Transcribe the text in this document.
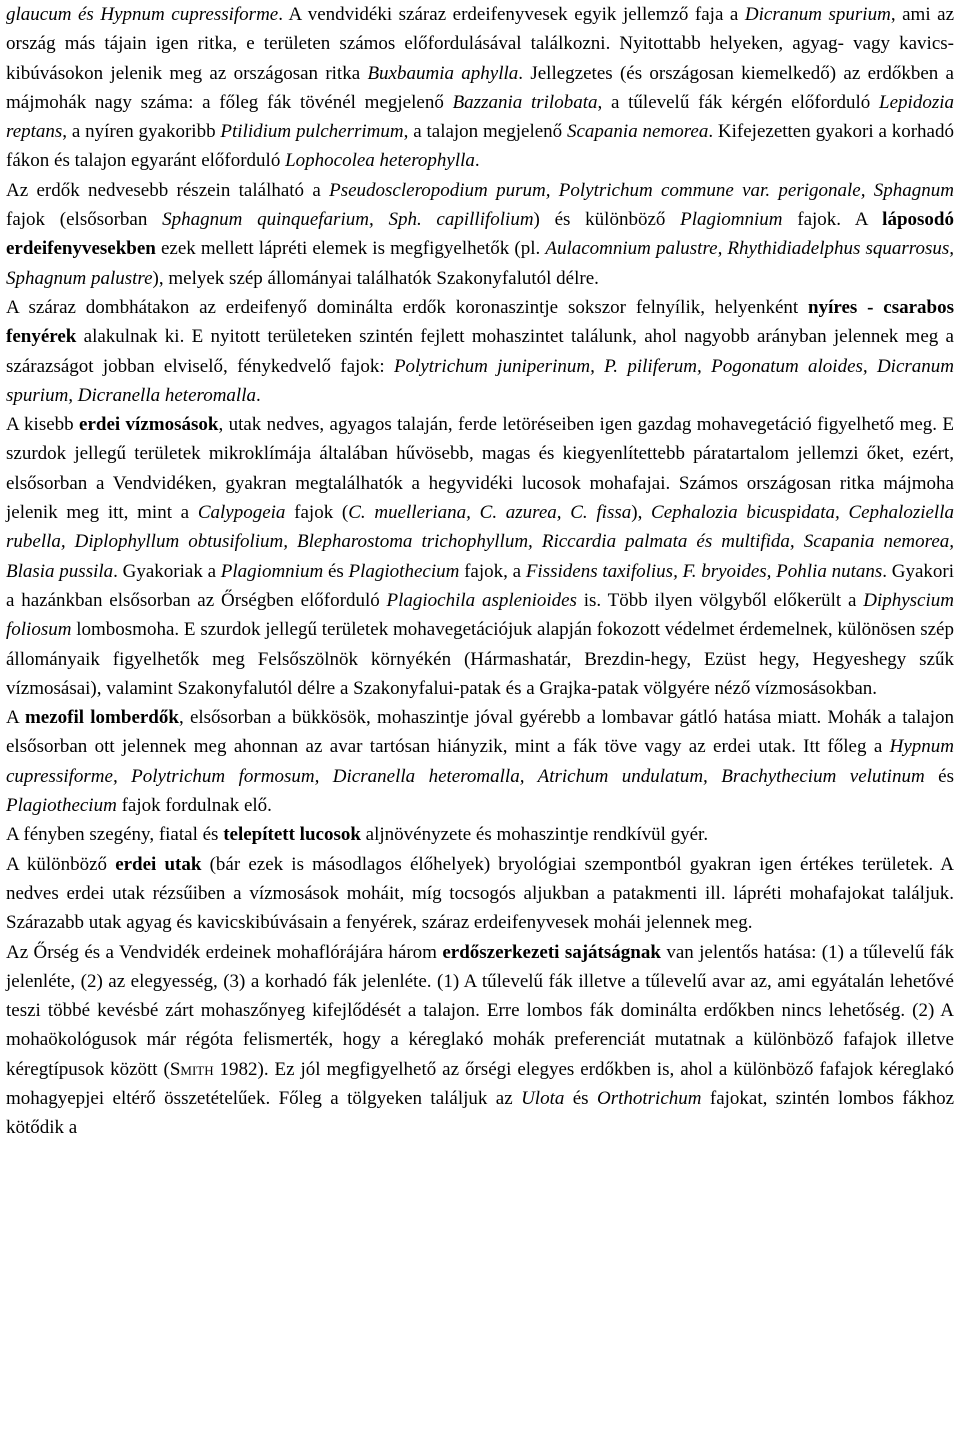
glaucum és Hypnum cupressiforme. A vendvidéki száraz erdeifenyvesek egyik jellemző faja a Dicranum spurium, ami az ország más tájain igen ritka, e területen számos előfordulásával találkozni. Nyitottabb helyeken, agyag- vagy kavics-kibúvásokon jelenik meg az országosan ritka Buxbaumia aphylla. Jellegzetes (és országosan kiemelkedő) az erdőkben a májmohák nagy száma: a főleg fák tövénél megjelenő Bazzania trilobata, a tűlevelű fák kérgén előforduló Lepidozia reptans, a nyíren gyakoribb Ptilidium pulcherrimum, a talajon megjelenő Scapania nemorea. Kifejezetten gyakori a korhadó fákon és talajon egyaránt előforduló Lophocolea heterophylla.

Az erdők nedvesebb részein található a Pseudoscleropodium purum, Polytrichum commune var. perigonale, Sphagnum fajok (elsősorban Sphagnum quinquefarium, Sph. capillifolium) és különböző Plagiomnium fajok. A láposodó erdeifenyvesekben ezek mellett lápréti elemek is megfigyelhetők (pl. Aulacomnium palustre, Rhythidiadelphus squarrosus, Sphagnum palustre), melyek szép állományai találhatók Szakonyfalutól délre.

A száraz dombhátakon az erdeifenyő dominálta erdők koronaszintje sokszor felnyílik, helyenként nyíres - csarabos fenyérek alakulnak ki. E nyitott területeken szintén fejlett mohaszintet találunk, ahol nagyobb arányban jelennek meg a szárazságot jobban elviselő, fénykedvelő fajok: Polytrichum juniperinum, P. piliferum, Pogonatum aloides, Dicranum spurium, Dicranella heteromalla.

A kisebb erdei vízmosások, utak nedves, agyagos talaján, ferde letöréseiben igen gazdag mohavegetáció figyelhető meg. E szurdok jellegű területek mikroklímája általában hűvösebb, magas és kiegyenlítettebb páratartalom jellemzi őket, ezért, elsősorban a Vendvidéken, gyakran megtalálhatók a hegyvidéki lucosok mohafajai. Számos országosan ritka májmoha jelenik meg itt, mint a Calypogeia fajok (C. muelleriana, C. azurea, C. fissa), Cephalozia bicuspidata, Cephaloziella rubella, Diplophyllum obtusifolium, Blepharostoma trichophyllum, Riccardia palmata és multifida, Scapania nemorea, Blasia pussila. Gyakoriak a Plagiomnium és Plagiothecium fajok, a Fissidens taxifolius, F. bryoides, Pohlia nutans. Gyakori a hazánkban elsősorban az Őrségben előforduló Plagiochila asplenioides is. Több ilyen völgyből előkerült a Diphyscium foliosum lombosmoha. E szurdok jellegű területek mohavegetációjuk alapján fokozott védelmet érdemelnek, különösen szép állományaik figyelhetők meg Felsőszölnök környékén (Hármashatár, Brezdin-hegy, Ezüst hegy, Hegyeshegy szűk vízmosásai), valamint Szakonyfalutól délre a Szakonyfalui-patak és a Grajka-patak völgyére néző vízmosásokban.

A mezofil lomberdők, elsősorban a bükkösök, mohaszintje jóval gyérebb a lombavar gátló hatása miatt. Mohák a talajon elsősorban ott jelennek meg ahonnan az avar tartósan hiányzik, mint a fák töve vagy az erdei utak. Itt főleg a Hypnum cupressiforme, Polytrichum formosum, Dicranella heteromalla, Atrichum undulatum, Brachythecium velutinum és Plagiothecium fajok fordulnak elő.

A fényben szegény, fiatal és telepített lucosok aljnövényzete és mohaszintje rendkívül gyér.

A különböző erdei utak (bár ezek is másodlagos élőhelyek) bryológiai szempontból gyakran igen értékes területek. A nedves erdei utak rézsűiben a vízmosások moháit, míg tocsogós aljukban a patakmenti ill. lápréti mohafajokat találjuk. Szárazabb utak agyag és kavicskibúvásain a fenyérek, száraz erdeifenyvesek mohái jelennek meg.

Az Őrség és a Vendvidék erdeinek mohaflórájára három erdőszerkezeti sajátságnak van jelentős hatása: (1) a tűlevelű fák jelenléte, (2) az elegyesség, (3) a korhadó fák jelenléte. (1) A tűlevelű fák illetve a tűlevelű avar az, ami egyátalán lehetővé teszi többé kevésbé zárt mohaszőnyeg kifejlődését a talajon. Erre lombos fák dominálta erdőkben nincs lehetőség. (2) A mohaökológusok már régóta felismerték, hogy a kéreglakó mohák preferenciát mutatnak a különböző fafajok illetve kéregtípusok között (Smith 1982). Ez jól megfigyelhető az őrségi elegyes erdőkben is, ahol a különböző fafajok kéreglakó mohagyepjei eltérő összetételűek. Főleg a tölgyeken találjuk az Ulota és Orthotrichum fajokat, szintén lombos fákhoz kötődik a
